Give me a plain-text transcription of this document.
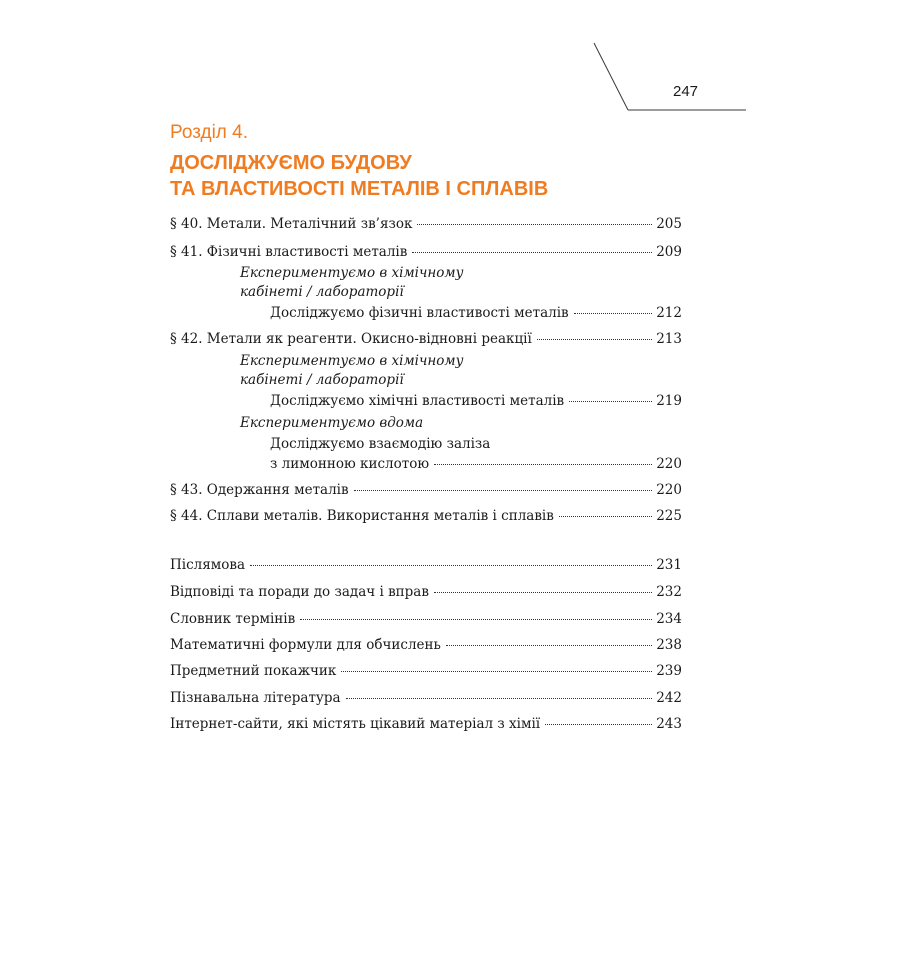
247
Розділ 4.
ДОСЛІДЖУЄМО БУДОВУ
ТА ВЛАСТИВОСТІ МЕТАЛІВ І СПЛАВІВ
§ 40. Метали. Металічний зв’язок	205
§ 41. Фізичні властивості металів	209
Експериментуємо в хімічному
кабінеті / лабораторії
Досліджуємо фізичні властивості металів	212
§ 42. Метали як реагенти. Окисно-відновні реакції	213
Експериментуємо в хімічному
кабінеті / лабораторії
Досліджуємо хімічні властивості металів	219
Експериментуємо вдома
Досліджуємо взаємодію заліза
з лимонною кислотою	220
§ 43. Одержання металів	220
§ 44. Сплави металів. Використання металів і сплавів	225
Післямова	231
Відповіді та поради до задач і вправ	232
Словник термінів	234
Математичні формули для обчислень	238
Предметний покажчик	239
Пізнавальна література	242
Інтернет-сайти, які містять цікавий матеріал з хімії	243
